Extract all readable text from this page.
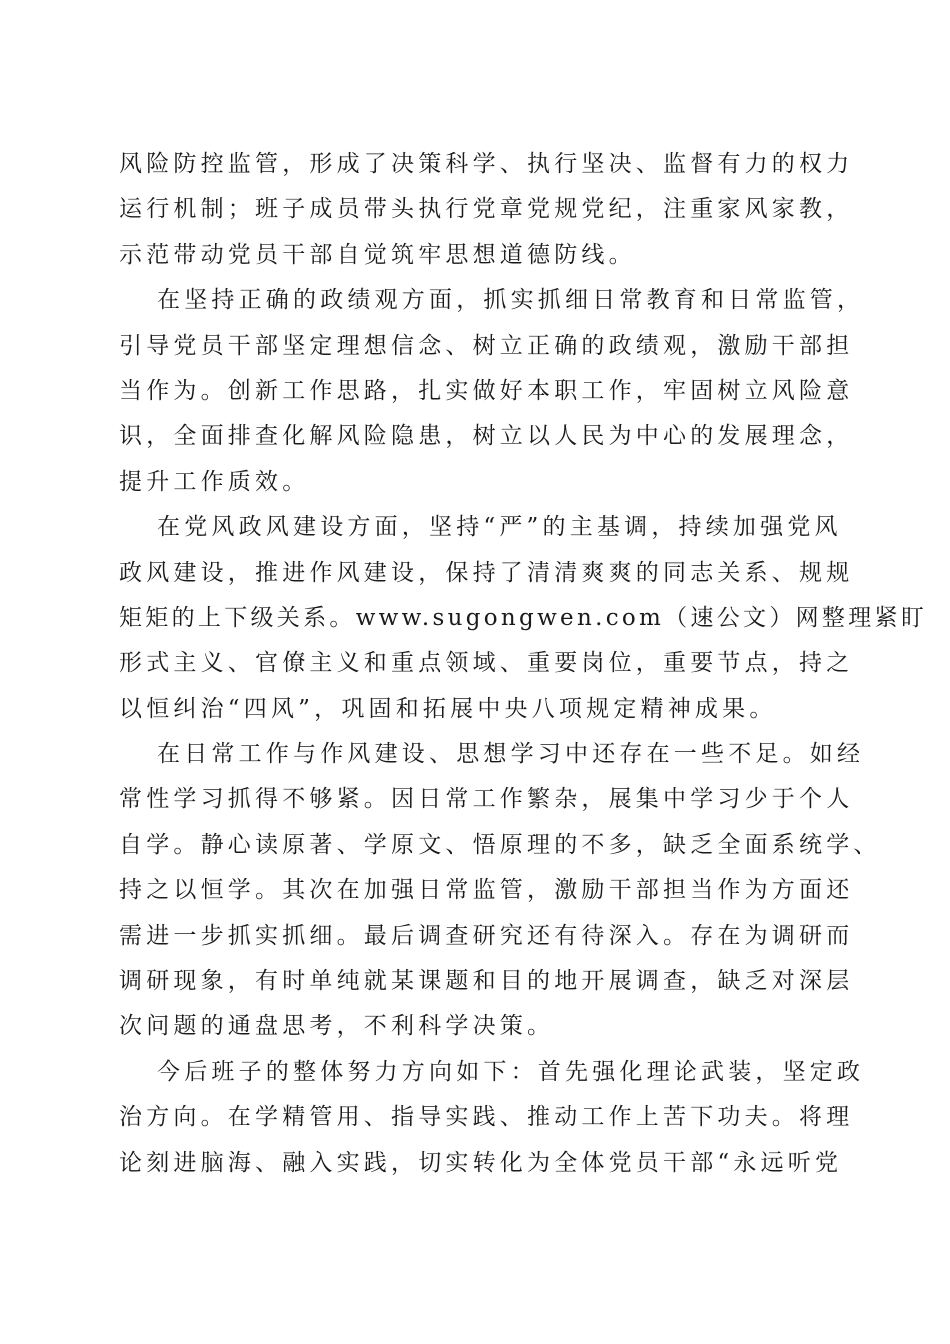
风险防控监管，形成了决策科学、执行坚决、监督有力的权力
运行机制；班子成员带头执行党章党规党纪，注重家风家教，
示范带动党员干部自觉筑牢思想道德防线。
在坚持正确的政绩观方面，抓实抓细日常教育和日常监管，
引导党员干部坚定理想信念、树立正确的政绩观，激励干部担
当作为。创新工作思路，扎实做好本职工作，牢固树立风险意
识，全面排查化解风险隐患，树立以人民为中心的发展理念，
提升工作质效。
在党风政风建设方面，坚持“严”的主基调，持续加强党风
政风建设，推进作风建设，保持了清清爽爽的同志关系、规规
矩矩的上下级关系。www.sugongwen.com（速公文）网整理紧盯
形式主义、官僚主义和重点领域、重要岗位，重要节点，持之
以恒纠治“四风”，巩固和拓展中央八项规定精神成果。
在日常工作与作风建设、思想学习中还存在一些不足。如经
常性学习抓得不够紧。因日常工作繁杂，展集中学习少于个人
自学。静心读原著、学原文、悟原理的不多，缺乏全面系统学、
持之以恒学。其次在加强日常监管，激励干部担当作为方面还
需进一步抓实抓细。最后调查研究还有待深入。存在为调研而
调研现象，有时单纯就某课题和目的地开展调查，缺乏对深层
次问题的通盘思考，不利科学决策。
今后班子的整体努力方向如下：首先强化理论武装，坚定政
治方向。在学精管用、指导实践、推动工作上苦下功夫。将理
论刻进脑海、融入实践，切实转化为全体党员干部“永远听党
